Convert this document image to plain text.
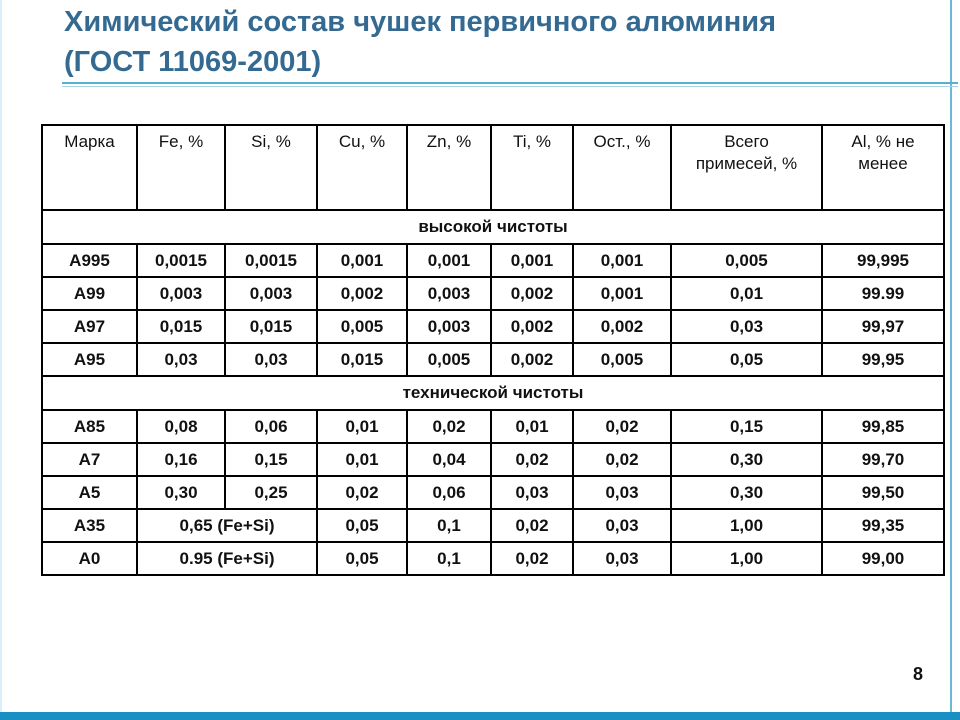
Химический состав чушек первичного алюминия
(ГОСТ 11069-2001)
Марка	Fe, %	Si, %	Cu, %	Zn, %	Ti, %	Ост., %	Всего примесей, %	Al, % не менее
высокой чистоты								
A995	0,0015	0,0015	0,001	0,001	0,001	0,001	0,005	99,995
A99	0,003	0,003	0,002	0,003	0,002	0,001	0,01	99.99
A97	0,015	0,015	0,005	0,003	0,002	0,002	0,03	99,97
A95	0,03	0,03	0,015	0,005	0,002	0,005	0,05	99,95
технической чистоты								
A85	0,08	0,06	0,01	0,02	0,01	0,02	0,15	99,85
A7	0,16	0,15	0,01	0,04	0,02	0,02	0,30	99,70
A5	0,30	0,25	0,02	0,06	0,03	0,03	0,30	99,50
A35	0,65 (Fe+Si)		0,05	0,1	0,02	0,03	1,00	99,35
A0	0.95 (Fe+Si)		0,05	0,1	0,02	0,03	1,00	99,00
8
